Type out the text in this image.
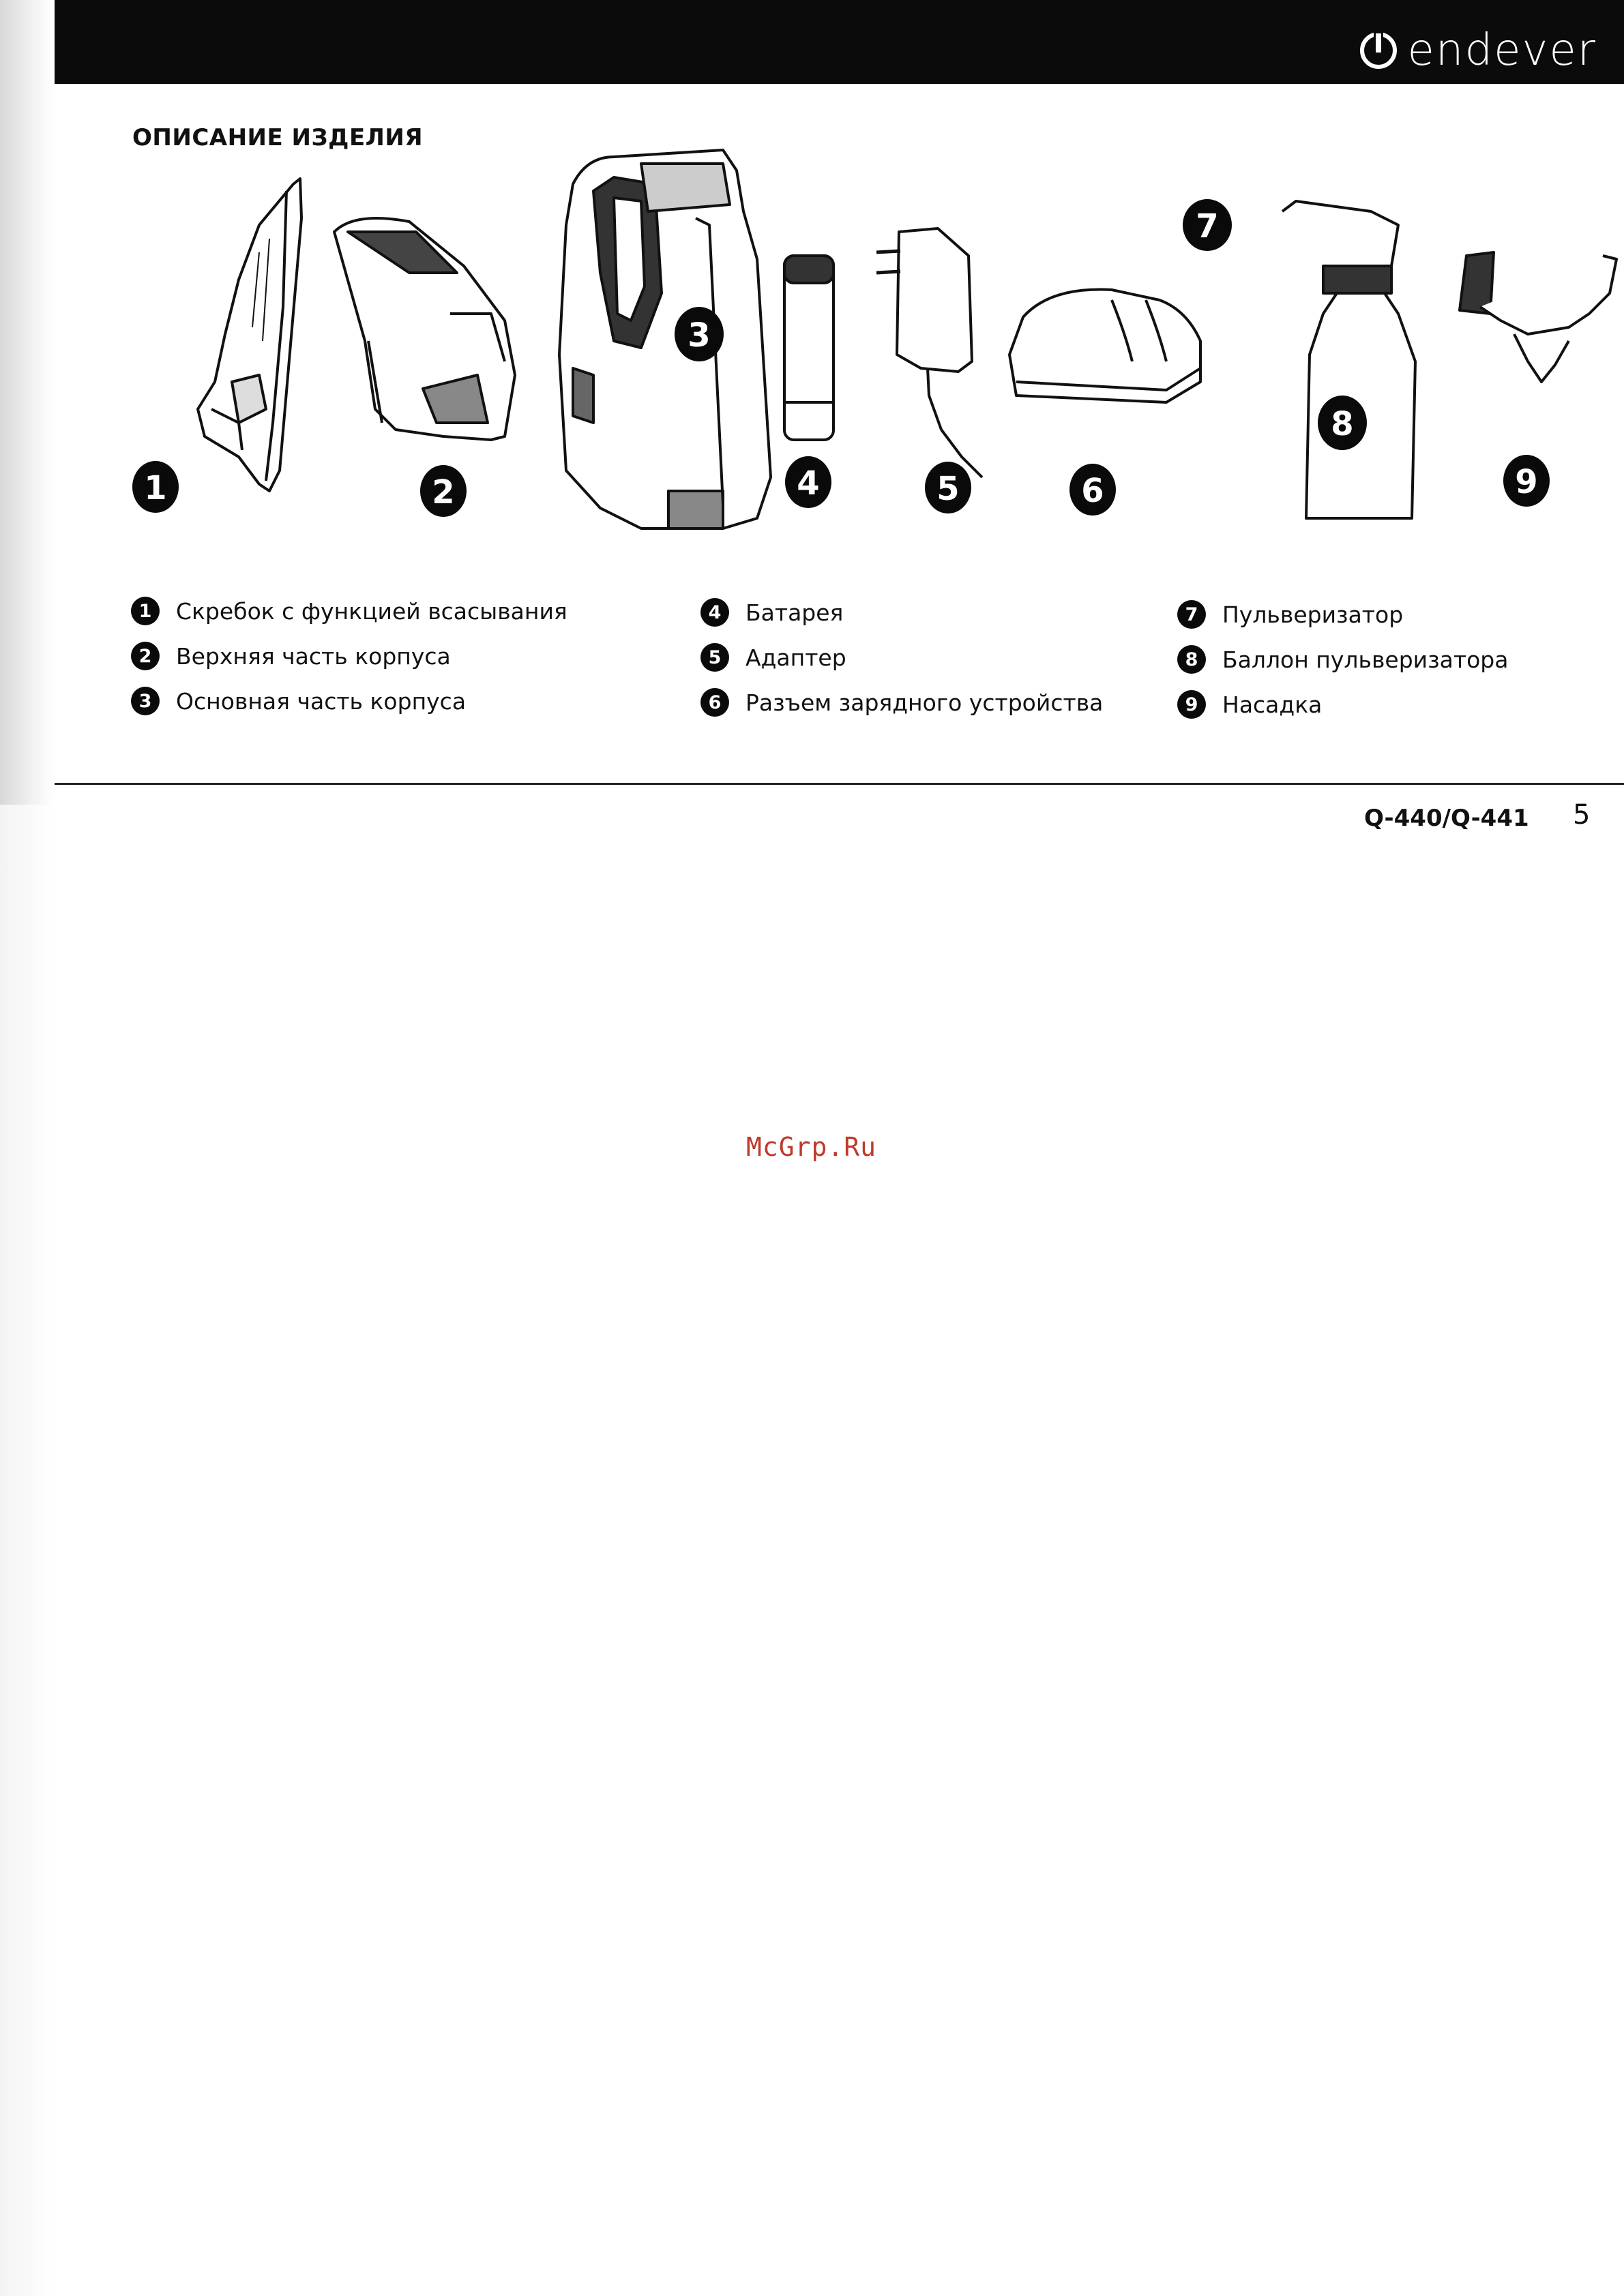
endever
ОПИСАНИЕ ИЗДЕЛИЯ
1	2
3
4	5	6
7
8
9
1	Скребок с функцией всасывания
2	Верхняя часть корпуса
3	Основная часть корпуса
4	Батарея
5	Адаптер
6	Разъем зарядного устройства
7	Пульверизатор
8	Баллон пульверизатора
9	Насадка
Q-440/Q-441 5
McGrp.Ru
